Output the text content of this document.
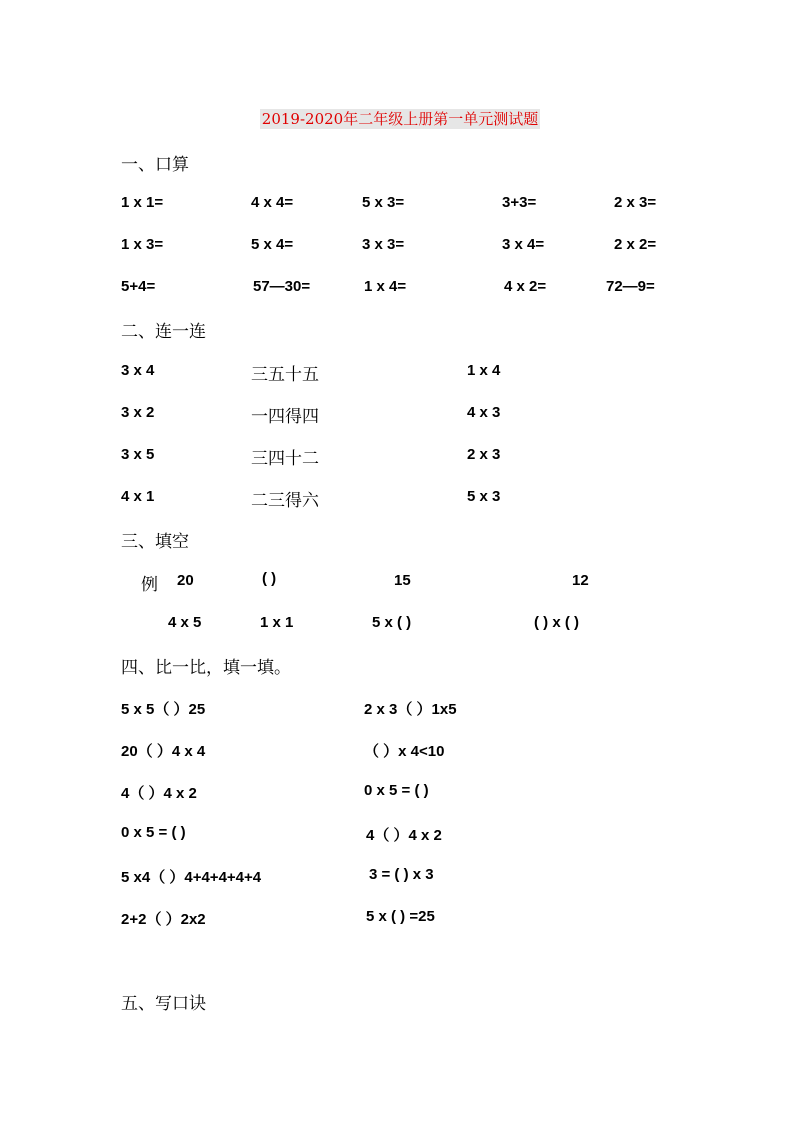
2019-2020年二年级上册第一单元测试题
一、口算
1 x 1=	4 x 4=	5 x 3=	3+3=	2 x 3=
1 x 3=	5 x 4=	3 x 3=	3 x 4=	2 x 2=
5+4=	57—30=	1 x 4=	4 x 2=	72—9=
二、连一连
3 x 4	三五十五	1 x 4
3 x 2	一四得四	4 x 3
3 x 5	三四十二	2 x 3
4 x 1	二三得六	5 x 3
三、填空
例 20	( )	15	12
4 x 5	1 x 1	5 x ( )	( ) x ( )
四、比一比，填一填。
5 x 5（ ）25	2 x 3（ ）1x5
20（ ）4 x 4	（ ）x 4<10
4（ ）4 x 2	0 x 5 = ( )
0 x 5 = ( )	4（ ）4 x 2
5 x4（ ）4+4+4+4+4	3 = ( ) x 3
2+2（ ）2x2	5 x ( ) =25
五、写口诀
